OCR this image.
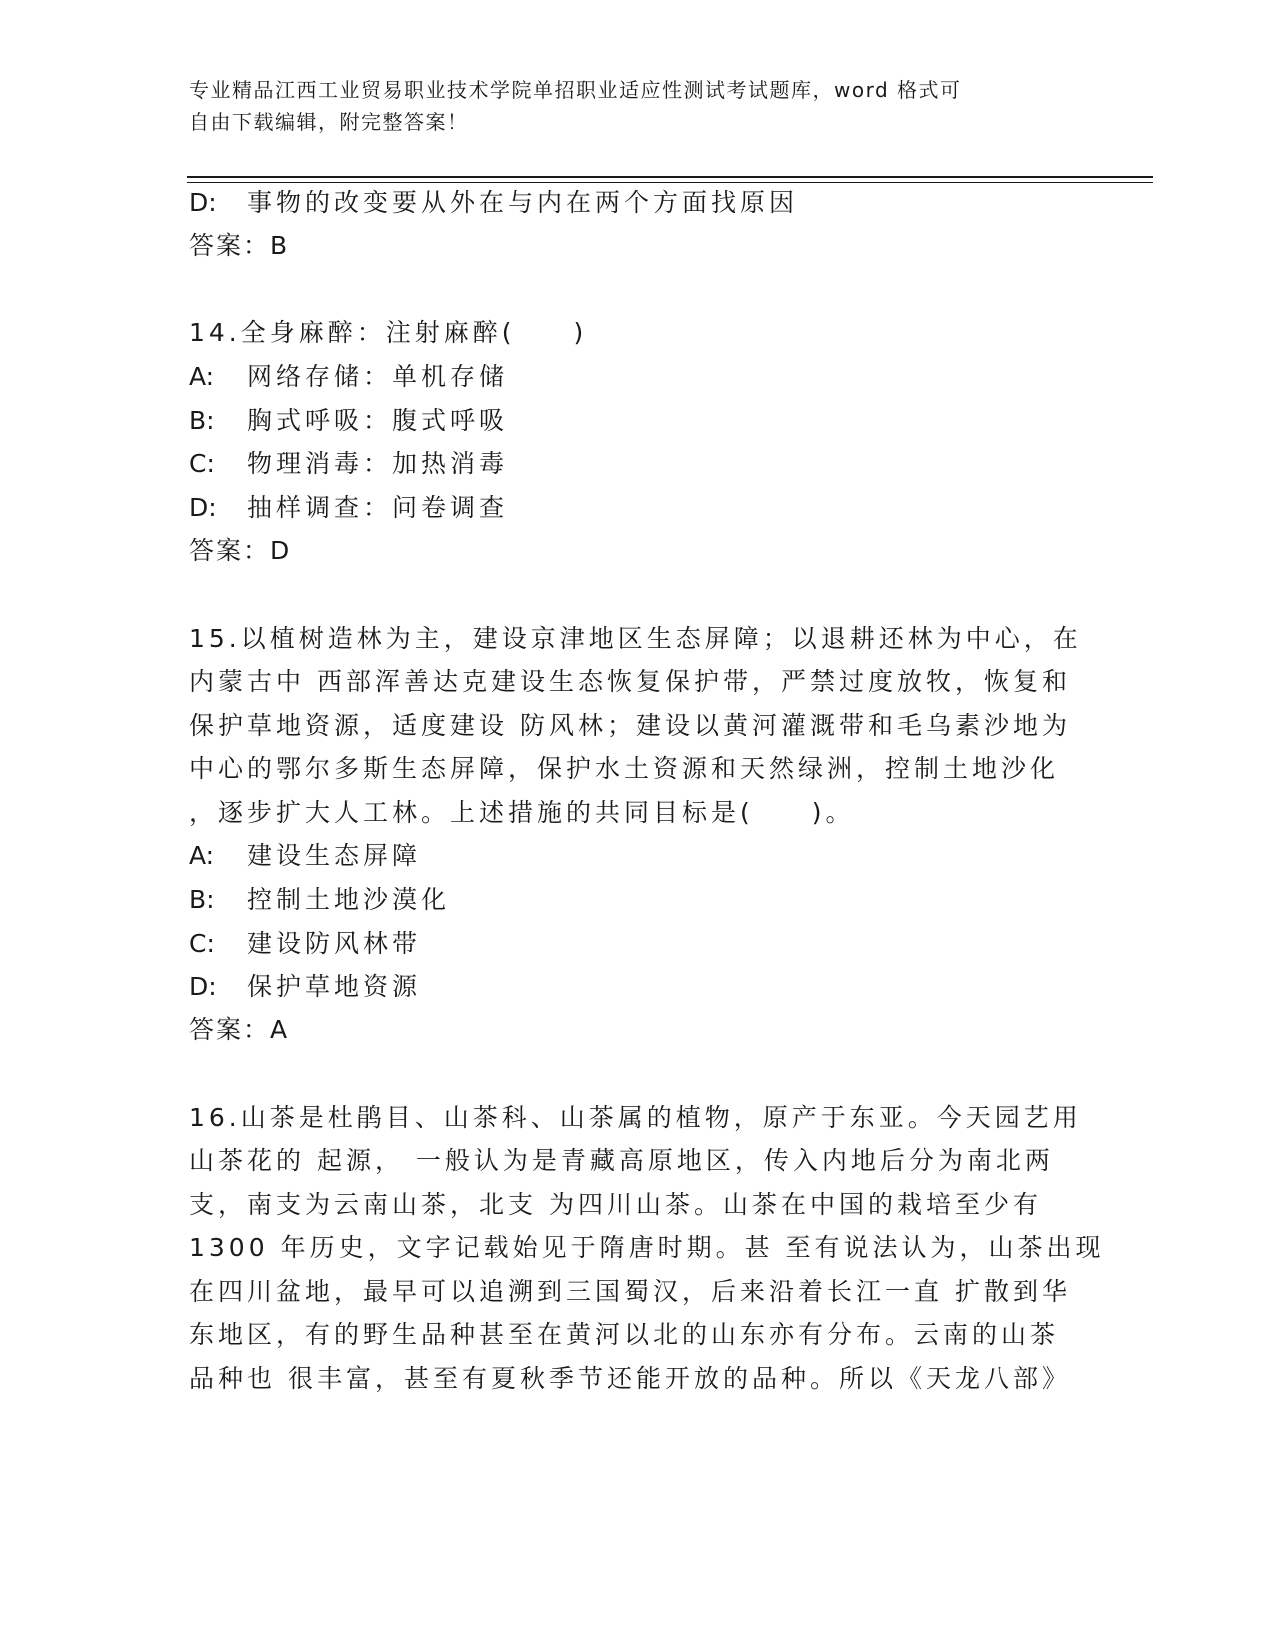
专业精品江西工业贸易职业技术学院单招职业适应性测试考试题库，word 格式可
自由下载编辑，附完整答案！
D: 事物的改变要从外在与内在两个方面找原因
答案：B
14.全身麻醉：注射麻醉(　　)
A: 网络存储：单机存储
B: 胸式呼吸：腹式呼吸
C: 物理消毒：加热消毒
D: 抽样调查：问卷调查
答案：D
15.以植树造林为主，建设京津地区生态屏障；以退耕还林为中心，在
内蒙古中 西部浑善达克建设生态恢复保护带，严禁过度放牧，恢复和
保护草地资源，适度建设 防风林；建设以黄河灌溉带和毛乌素沙地为
中心的鄂尔多斯生态屏障，保护水土资源和天然绿洲，控制土地沙化
，逐步扩大人工林。上述措施的共同目标是(　　)。
A: 建设生态屏障
B: 控制土地沙漠化
C: 建设防风林带
D: 保护草地资源
答案：A
16.山茶是杜鹃目、山茶科、山茶属的植物，原产于东亚。今天园艺用
山茶花的 起源， 一般认为是青藏高原地区，传入内地后分为南北两
支，南支为云南山茶，北支 为四川山茶。山茶在中国的栽培至少有
1300 年历史，文字记载始见于隋唐时期。甚 至有说法认为，山茶出现
在四川盆地，最早可以追溯到三国蜀汉，后来沿着长江一直 扩散到华
东地区，有的野生品种甚至在黄河以北的山东亦有分布。云南的山茶
品种也 很丰富，甚至有夏秋季节还能开放的品种。所以《天龙八部》
